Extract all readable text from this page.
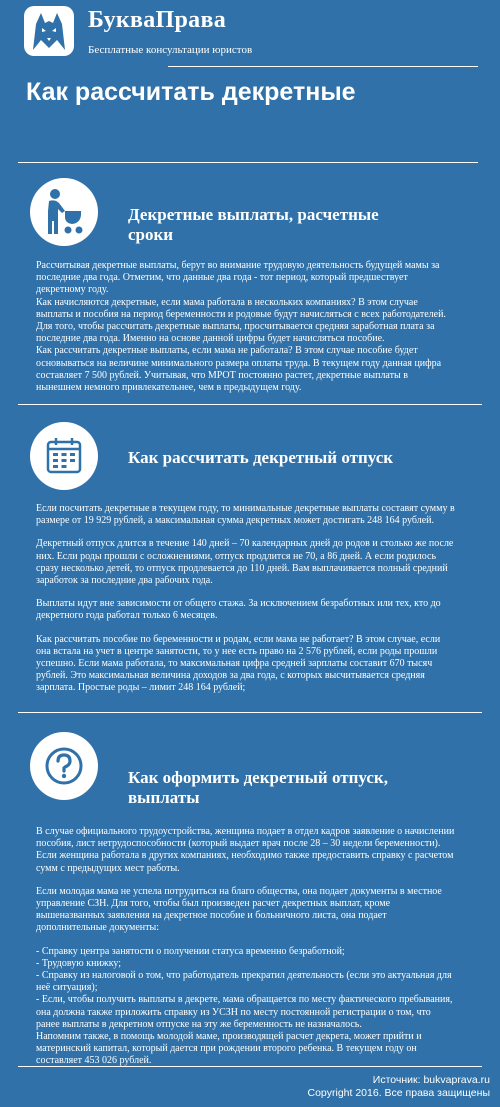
БукваПрава
Бесплатные консультации юристов
Как рассчитать декретные
Декретные выплаты, расчетные
сроки

Рассчитывая декретные выплаты, берут во внимание трудовую деятельность будущей мамы за последние два года. Отметим, что данные два года - тот период, который предшествует декретному году.

Как начисляются декретные, если мама работала в нескольких компаниях? В этом случае выплаты и пособия на период беременности и родовые будут начисляться с всех работодателей.

Для того, чтобы рассчитать декретные выплаты, просчитывается средняя заработная плата за последние два года. Именно на основе данной цифры будет начисляться пособие.

Как рассчитать декретные выплаты, если мама не работала? В этом случае пособие будет основываться на величине минимального размера оплаты труда. В текущем году данная цифра составляет 7 500 рублей. Учитывая, что МРОТ постоянно растет, декретные выплаты в нынешнем немного привлекательнее, чем в предыдущем году.

Как рассчитать декретный отпуск

Если посчитать декретные в текущем году, то минимальные декретные выплаты составят сумму в размере от 19 929 рублей, а максимальная сумма декретных может достигать 248 164 рублей.

Декретный отпуск длится в течение 140 дней – 70 календарных дней до родов и столько же после них. Если роды прошли с осложнениями, отпуск продлится не 70, а 86 дней. А если родилось сразу несколько детей, то отпуск продлевается до 110 дней. Вам выплачивается полный средний заработок за последние два рабочих года.

Выплаты идут вне зависимости от общего стажа. За исключением безработных или тех, кто до декретного года работал только 6 месяцев.

Как рассчитать пособие по беременности и родам, если мама не работает? В этом случае, если она встала на учет в центре занятости, то у нее есть право на 2 576 рублей, если роды прошли успешно. Если мама работала, то максимальная цифра средней зарплаты составит 670 тысяч рублей. Это максимальная величина доходов за два года, с которых высчитывается средняя зарплата. Простые роды – лимит 248 164 рублей;

Как оформить декретный отпуск,
выплаты

В случае официального трудоустройства, женщина подает в отдел кадров заявление о начислении пособия, лист нетрудоспособности (который выдает врач после 28 – 30 недели беременности). Если женщина работала в других компаниях, необходимо также предоставить справку с расчетом сумм с предыдущих мест работы.

Если молодая мама не успела потрудиться на благо общества, она подает документы в местное управление СЗН. Для того, чтобы был произведен расчет декретных выплат, кроме вышеназванных заявления на декретное пособие и больничного листа, она подает дополнительные документы:

- Справку центра занятости о получении статуса временно безработной;

- Трудовую книжку;

- Справку из налоговой о том, что работодатель прекратил деятельность (если это актуальная для неё ситуация);

- Если, чтобы получить выплаты в декрете, мама обращается по месту фактического пребывания, она должна также приложить справку из УСЗН по месту постоянной регистрации о том, что ранее выплаты в декретном отпуске на эту же беременность не назначалось.

Напомним также, в помощь молодой маме, производящей расчет декрета, может прийти и материнский капитал, который дается при рождении второго ребенка. В текущем году он составляет 453 026 рублей.

Источник: bukvaprava.ru
Copyright 2016. Все права защищены
